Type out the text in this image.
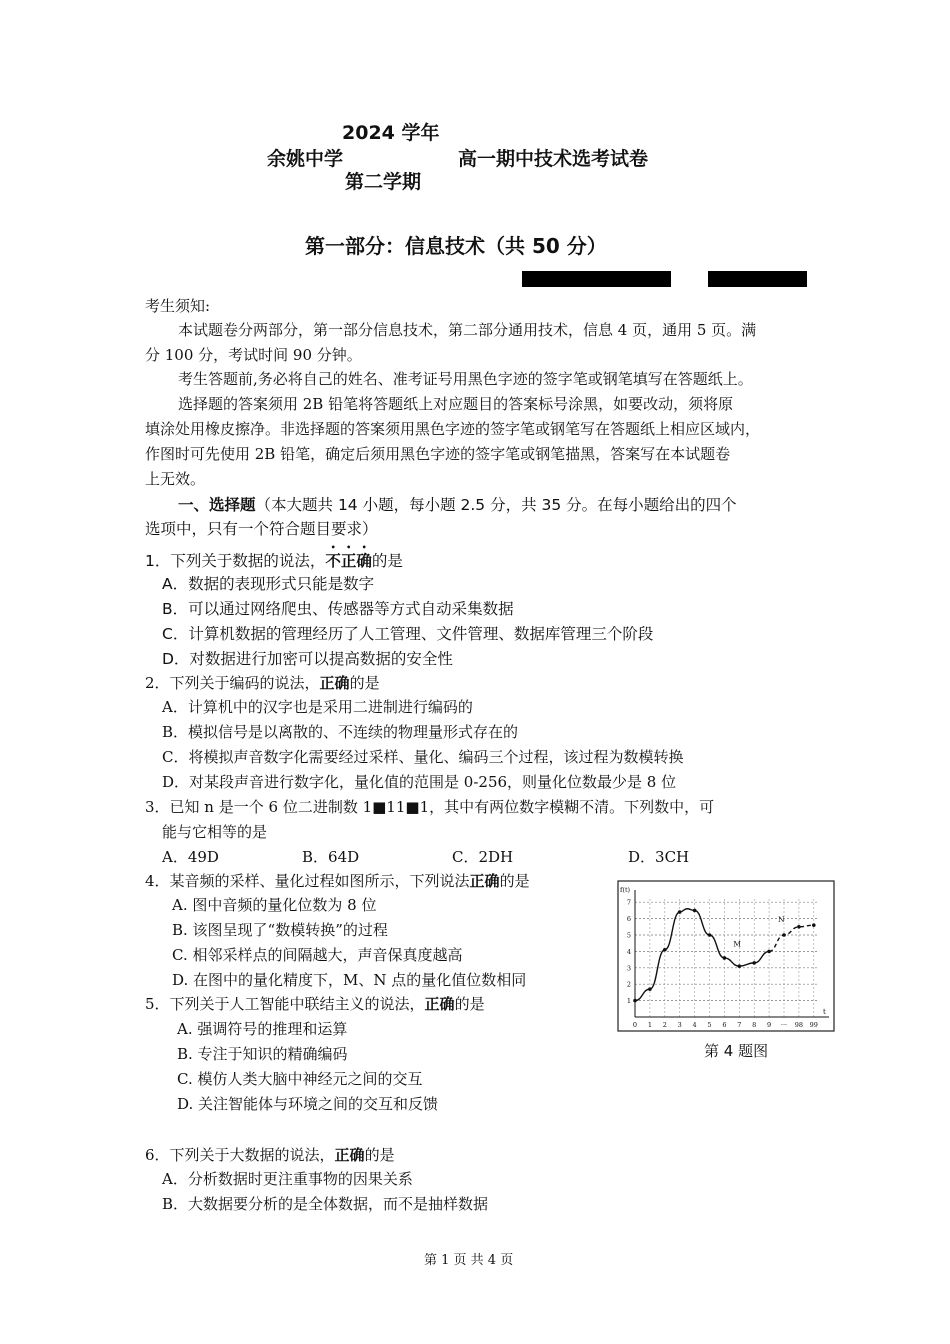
2024 学年
余姚中学	高一期中技术选考试卷
第二学期
第一部分：信息技术（共 50 分）
考生须知:
本试题卷分两部分，第一部分信息技术，第二部分通用技术，信息 4 页，通用 5 页。满
分 100 分，考试时间 90 分钟。
考生答题前,务必将自己的姓名、准考证号用黑色字迹的签字笔或钢笔填写在答题纸上。
选择题的答案须用 2B 铅笔将答题纸上对应题目的答案标号涂黑，如要改动，须将原
填涂处用橡皮擦净。非选择题的答案须用黑色字迹的签字笔或钢笔写在答题纸上相应区域内，
作图时可先使用 2B 铅笔，确定后须用黑色字迹的签字笔或钢笔描黑，答案写在本试题卷
上无效。
一、选择题（本大题共 14 小题，每小题 2.5 分，共 35 分。在每小题给出的四个
选项中，只有一个符合题目要求）
1．下列关于数据的说法，不正确的是
A．数据的表现形式只能是数字
B．可以通过网络爬虫、传感器等方式自动采集数据
C．计算机数据的管理经历了人工管理、文件管理、数据库管理三个阶段
D．对数据进行加密可以提高数据的安全性
2．下列关于编码的说法，正确的是
A．计算机中的汉字也是采用二进制进行编码的
B．模拟信号是以离散的、不连续的物理量形式存在的
C．将模拟声音数字化需要经过采样、量化、编码三个过程，该过程为数模转换
D．对某段声音进行数字化，量化值的范围是 0-256，则量化位数最少是 8 位
3．已知 n 是一个 6 位二进制数 1■11■1，其中有两位数字模糊不清。下列数中，可
能与它相等的是
A．49D	B．64D	C．2DH	D．3CH
4．某音频的采样、量化过程如图所示，下列说法正确的是
A. 图中音频的量化位数为 8 位
B. 该图呈现了“数模转换”的过程
C. 相邻采样点的间隔越大，声音保真度越高
D. 在图中的量化精度下，M、N 点的量化值位数相同
5．下列关于人工智能中联结主义的说法，正确的是
A. 强调符号的推理和运算
B. 专注于知识的精确编码
C. 模仿人类大脑中神经元之间的交互
D. 关注智能体与环境之间的交互和反馈
6．下列关于大数据的说法，正确的是
A．分析数据时更注重事物的因果关系
B．大数据要分析的是全体数据，而不是抽样数据
1
2
3
4
5
6
7
0 1 2 3 4 5 6 7 8 9 ··· 98 99
f(t)
t
M
N
第 4 题图
第 1 页 共 4 页
